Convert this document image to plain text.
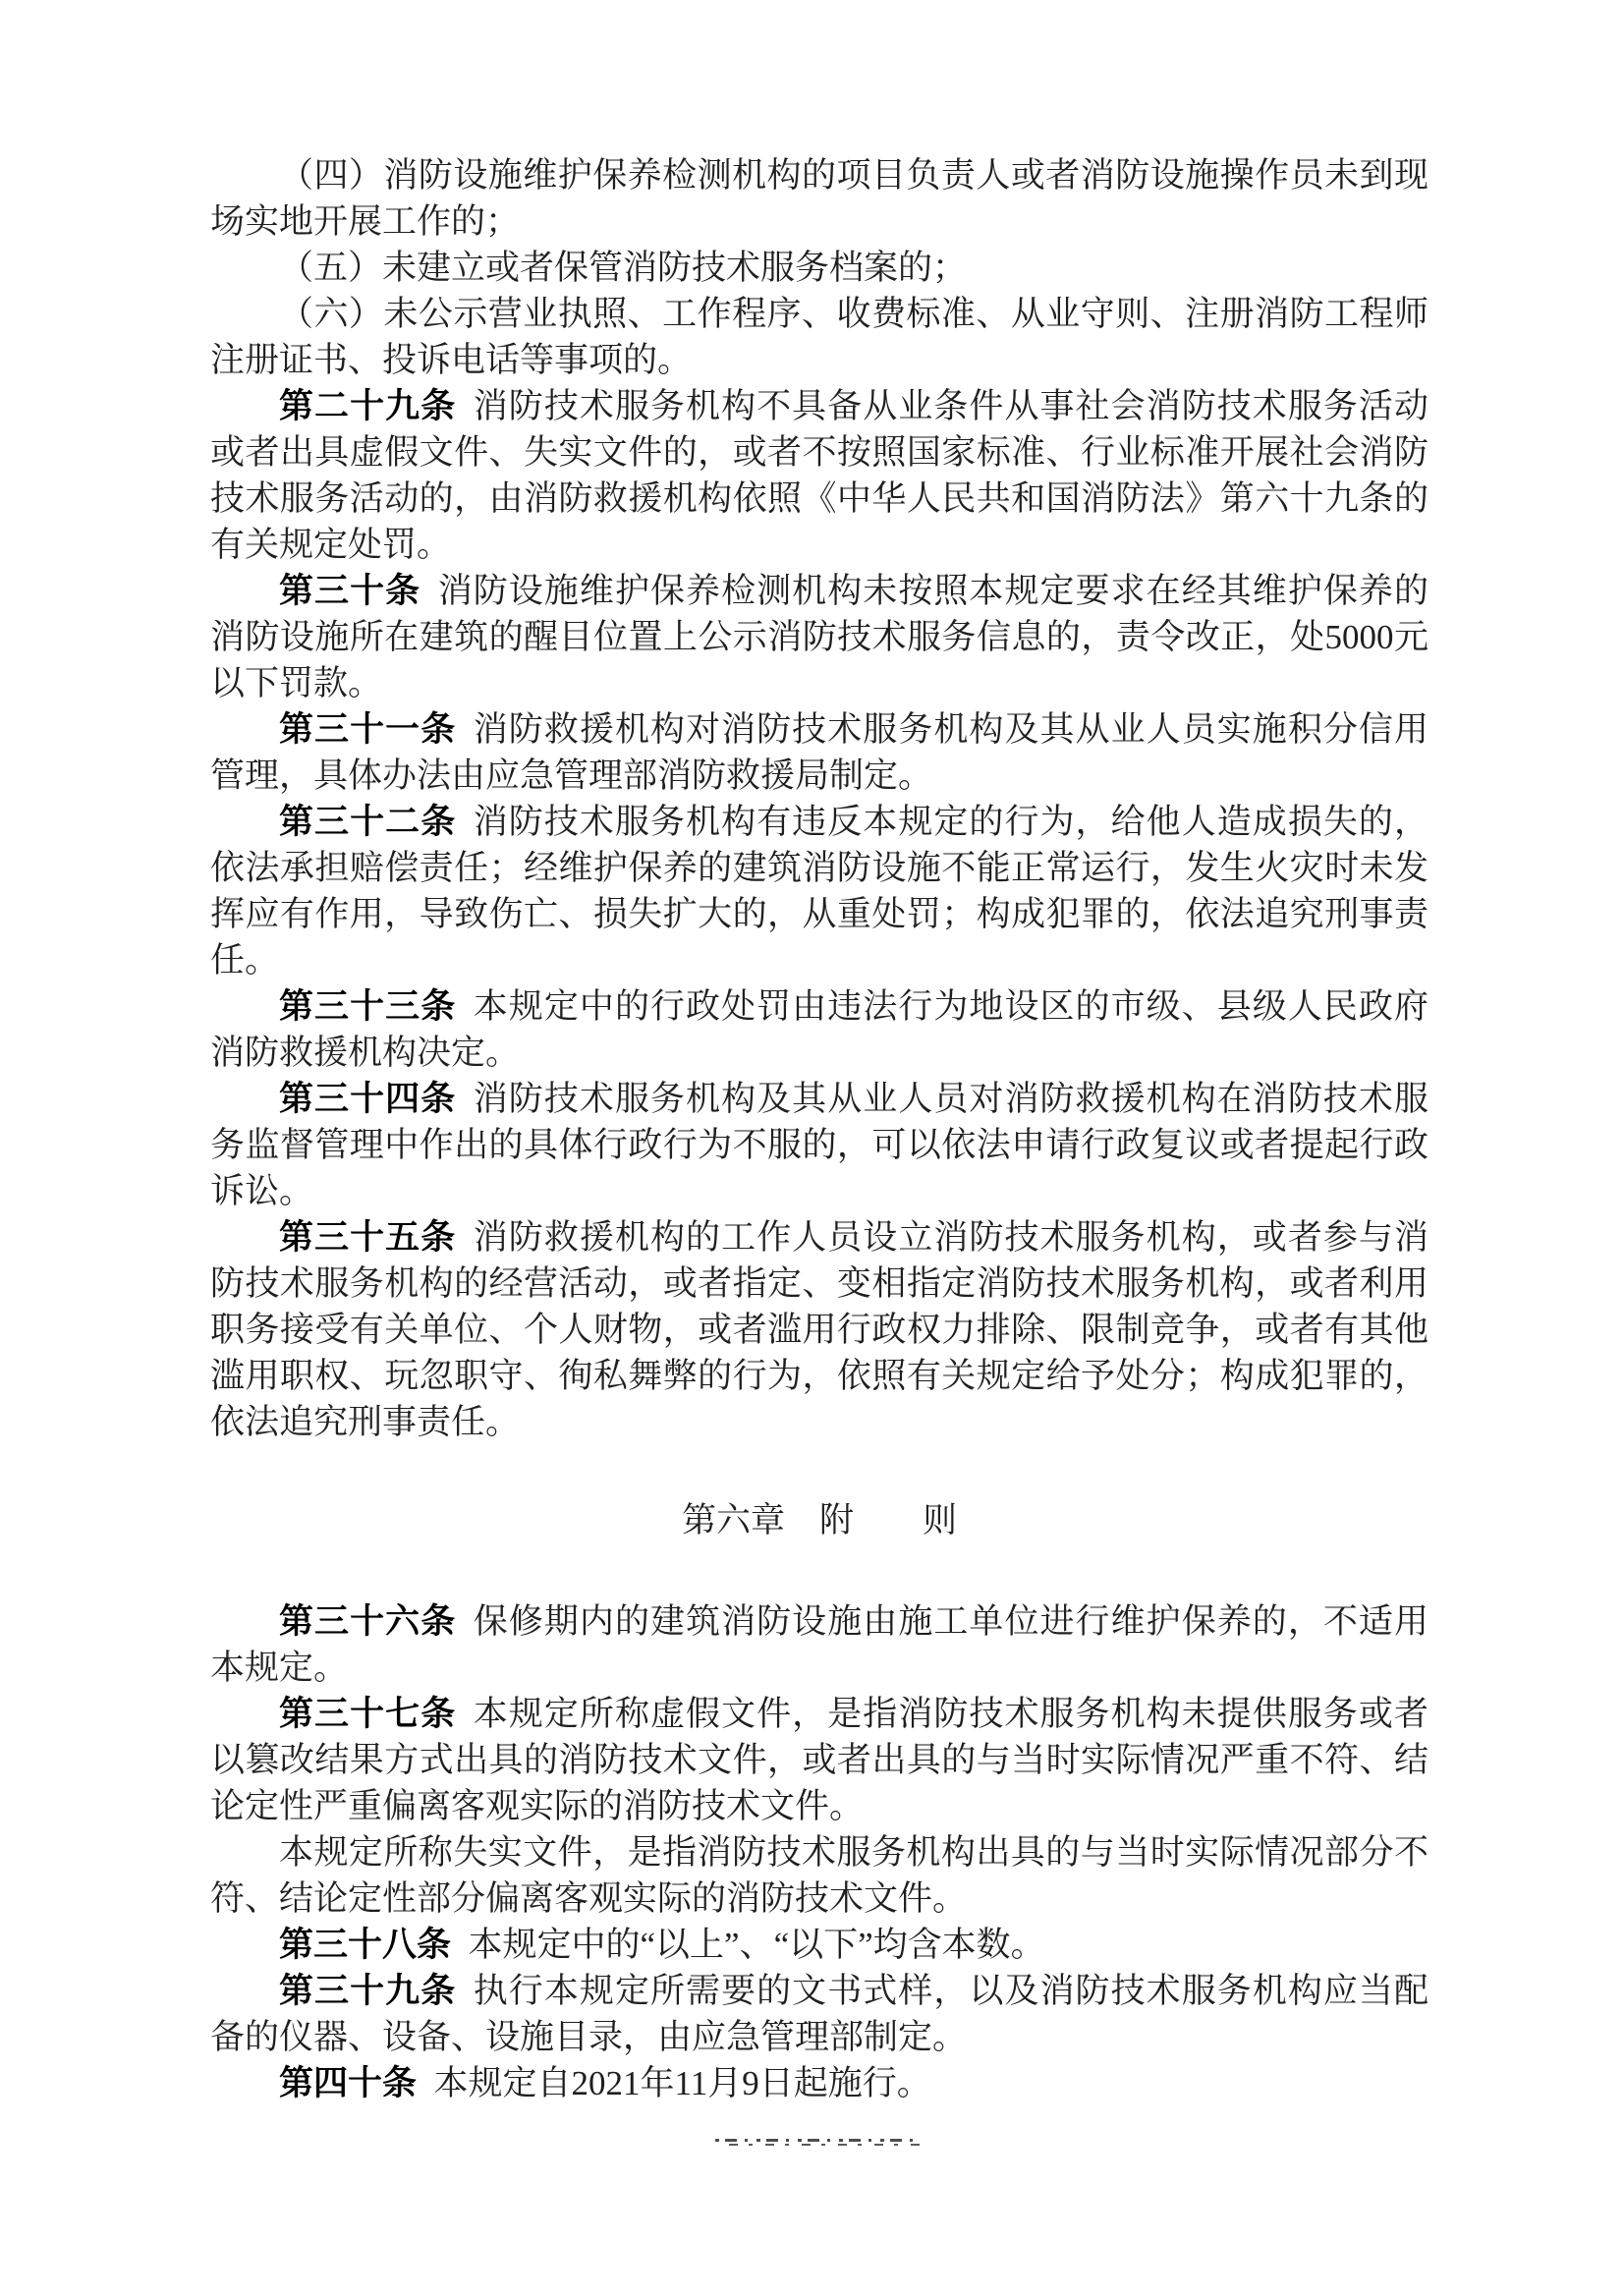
（四）消防设施维护保养检测机构的项目负责人或者消防设施操作员未到现场实地开展工作的；

（五）未建立或者保管消防技术服务档案的；

（六）未公示营业执照、工作程序、收费标准、从业守则、注册消防工程师注册证书、投诉电话等事项的。

第二十九条 消防技术服务机构不具备从业条件从事社会消防技术服务活动或者出具虚假文件、失实文件的，或者不按照国家标准、行业标准开展社会消防技术服务活动的，由消防救援机构依照《中华人民共和国消防法》第六十九条的有关规定处罚。

第三十条 消防设施维护保养检测机构未按照本规定要求在经其维护保养的消防设施所在建筑的醒目位置上公示消防技术服务信息的，责令改正，处5000元以下罚款。

第三十一条 消防救援机构对消防技术服务机构及其从业人员实施积分信用管理，具体办法由应急管理部消防救援局制定。

第三十二条 消防技术服务机构有违反本规定的行为，给他人造成损失的，依法承担赔偿责任；经维护保养的建筑消防设施不能正常运行，发生火灾时未发挥应有作用，导致伤亡、损失扩大的，从重处罚；构成犯罪的，依法追究刑事责任。

第三十三条 本规定中的行政处罚由违法行为地设区的市级、县级人民政府消防救援机构决定。

第三十四条 消防技术服务机构及其从业人员对消防救援机构在消防技术服务监督管理中作出的具体行政行为不服的，可以依法申请行政复议或者提起行政诉讼。

第三十五条 消防救援机构的工作人员设立消防技术服务机构，或者参与消防技术服务机构的经营活动，或者指定、变相指定消防技术服务机构，或者利用职务接受有关单位、个人财物，或者滥用行政权力排除、限制竞争，或者有其他滥用职权、玩忽职守、徇私舞弊的行为，依照有关规定给予处分；构成犯罪的，依法追究刑事责任。

第六章　附　　则

第三十六条 保修期内的建筑消防设施由施工单位进行维护保养的，不适用本规定。

第三十七条 本规定所称虚假文件，是指消防技术服务机构未提供服务或者以篡改结果方式出具的消防技术文件，或者出具的与当时实际情况严重不符、结论定性严重偏离客观实际的消防技术文件。

本规定所称失实文件，是指消防技术服务机构出具的与当时实际情况部分不符、结论定性部分偏离客观实际的消防技术文件。

第三十八条 本规定中的“以上”、“以下”均含本数。

第三十九条 执行本规定所需要的文书式样，以及消防技术服务机构应当配备的仪器、设备、设施目录，由应急管理部制定。

第四十条 本规定自2021年11月9日起施行。
